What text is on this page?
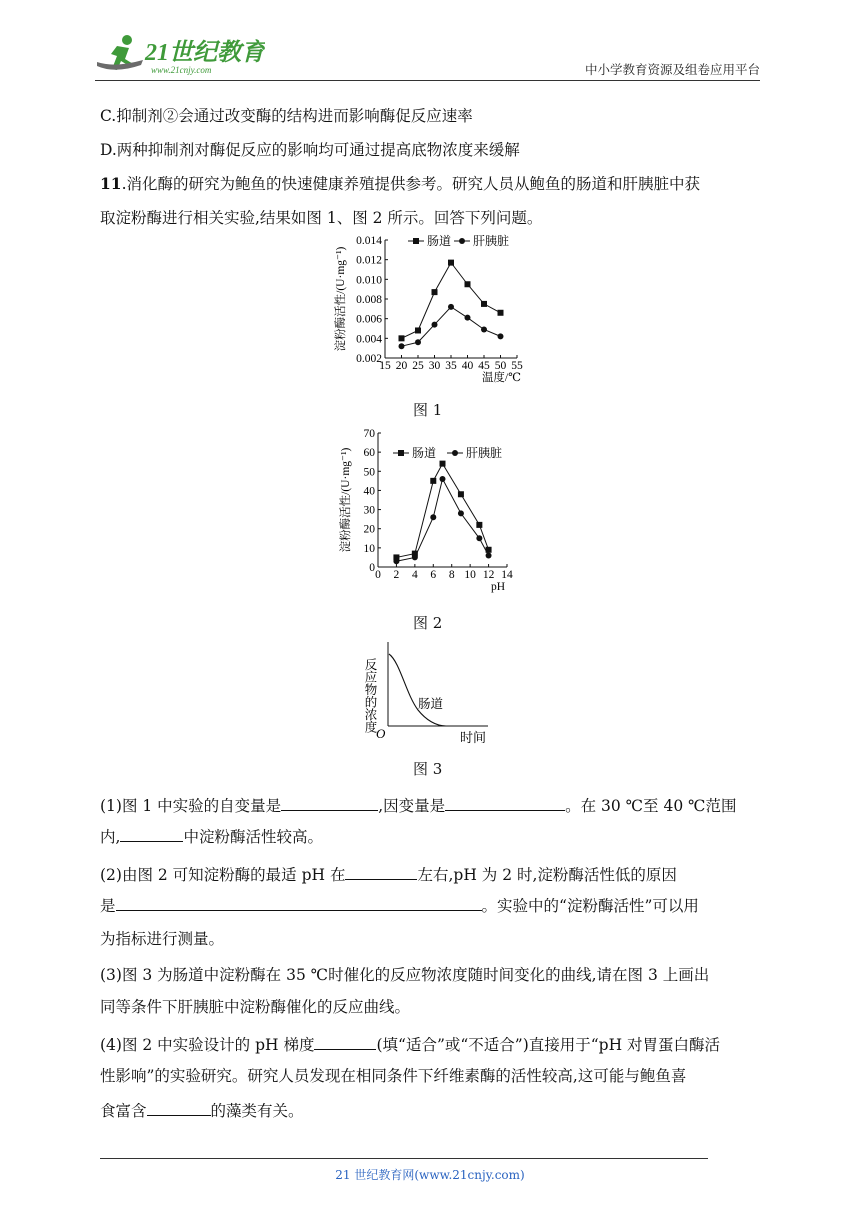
21世纪教育
www.21cnjy.com	中小学教育资源及组卷应用平台
C.抑制剂②会通过改变酶的结构进而影响酶促反应速率
D.两种抑制剂对酶促反应的影响均可通过提高底物浓度来缓解
11.消化酶的研究为鲍鱼的快速健康养殖提供参考。研究人员从鲍鱼的肠道和肝胰脏中获
取淀粉酶进行相关实验,结果如图 1、图 2 所示。回答下列问题。
15 20 25 30 35 40 45 50 55
0.002
0.004
0.006
0.008
0.010
0.012
0.014
温度/℃
淀粉酶活性/(U·mg⁻¹)
肠道 肝胰脏
图 1
0 2 4 6 8 10 12 14
0
10
20
30
40
50
60
70
pH
淀粉酶活性/(U·mg⁻¹)	肠道 肝胰脏
图 2
反应物的浓度	肠道
O	时间
图 3
(1)图 1 中实验的自变量是	,因变量是	。在 30 ℃至 40 ℃范围
内,	中淀粉酶活性较高。
(2)由图 2 可知淀粉酶的最适 pH 在	左右,pH 为 2 时,淀粉酶活性低的原因
是	。实验中的“淀粉酶活性”可以用
为指标进行测量。
(3)图 3 为肠道中淀粉酶在 35 ℃时催化的反应物浓度随时间变化的曲线,请在图 3 上画出
同等条件下肝胰脏中淀粉酶催化的反应曲线。
(4)图 2 中实验设计的 pH 梯度	(填“适合”或“不适合”)直接用于“pH 对胃蛋白酶活
性影响”的实验研究。研究人员发现在相同条件下纤维素酶的活性较高,这可能与鲍鱼喜
食富含	的藻类有关。
21 世纪教育网(www.21cnjy.com)
